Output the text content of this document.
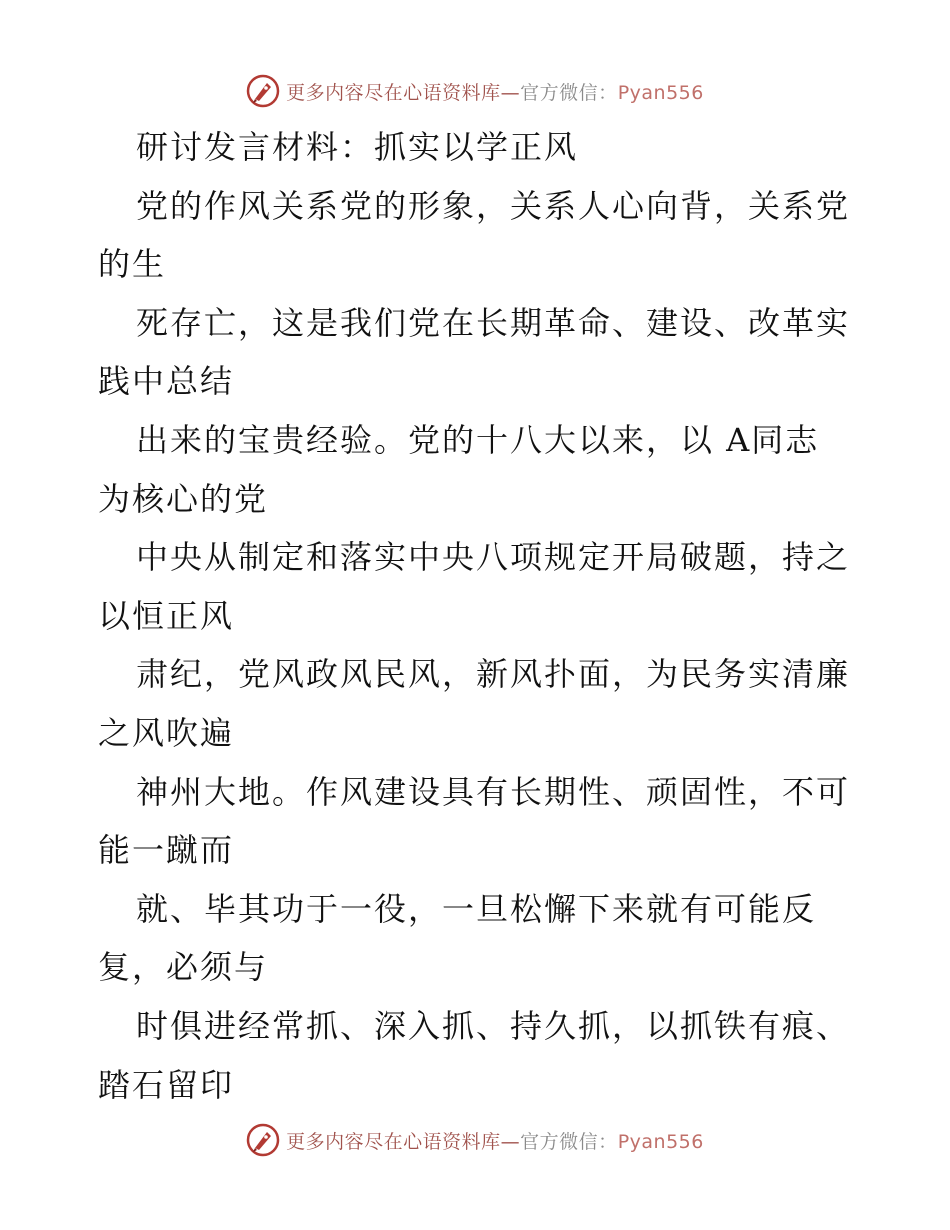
更多内容尽在心语资料库—官方微信：Pyan556
研讨发言材料：抓实以学正风
党的作风关系党的形象，关系人心向背，关系党
的生
死存亡，这是我们党在长期革命、建设、改革实
践中总结
出来的宝贵经验。党的十八大以来，以 A同志
为核心的党
中央从制定和落实中央八项规定开局破题，持之
以恒正风
肃纪，党风政风民风，新风扑面，为民务实清廉
之风吹遍
神州大地。作风建设具有长期性、顽固性，不可
能一蹴而
就、毕其功于一役，一旦松懈下来就有可能反
复，必须与
时俱进经常抓、深入抓、持久抓，以抓铁有痕、
踏石留印
更多内容尽在心语资料库—官方微信：Pyan556
